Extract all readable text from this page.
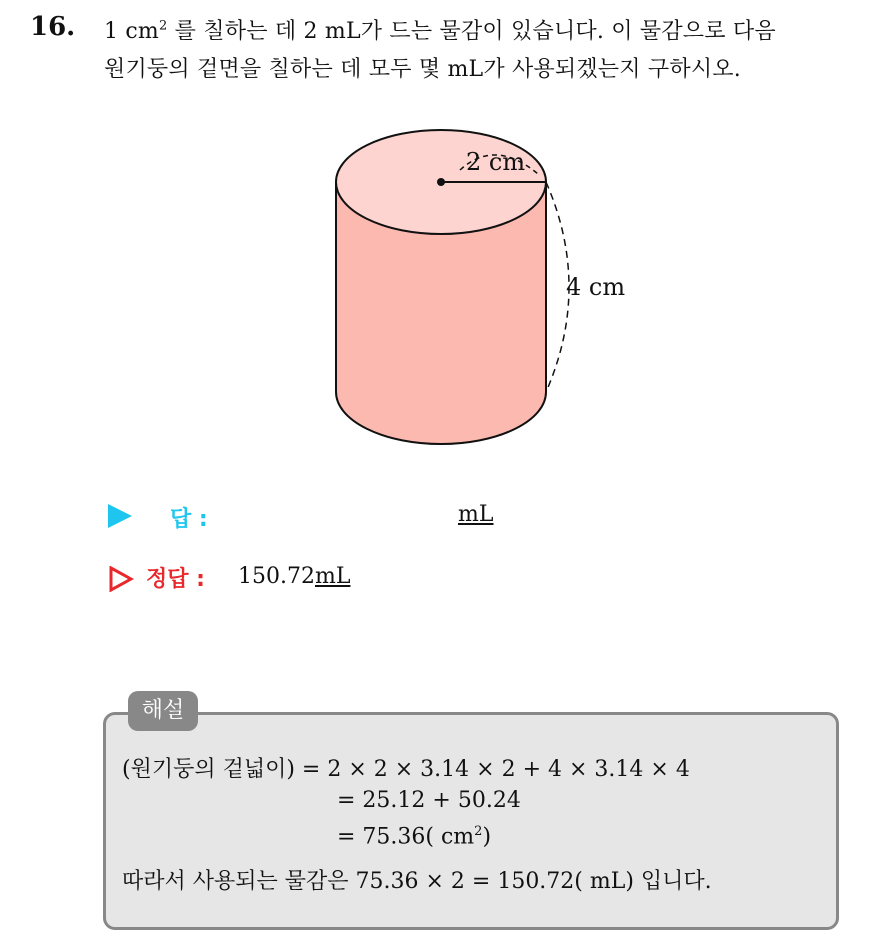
16. 1 $cm^2$ 를 칠하는 데 2 mL가 드는 물감이 있습니다. 이 물감으로 다음
원기둥의 겉면을 칠하는 데 모두 몇 mL가 사용되겠는지 구하시오.
2 cm
4 cm
답 :	mL
정답 : 150.72mL
해설
(원기둥의 겉넓이) = 2 × 2 × 3.14 × 2 + 4 × 3.14 × 4
= 25.12 + 50.24
= 75.36( $cm^2$)
따라서 사용되는 물감은 75.36 × 2 = 150.72( mL) 입니다.
